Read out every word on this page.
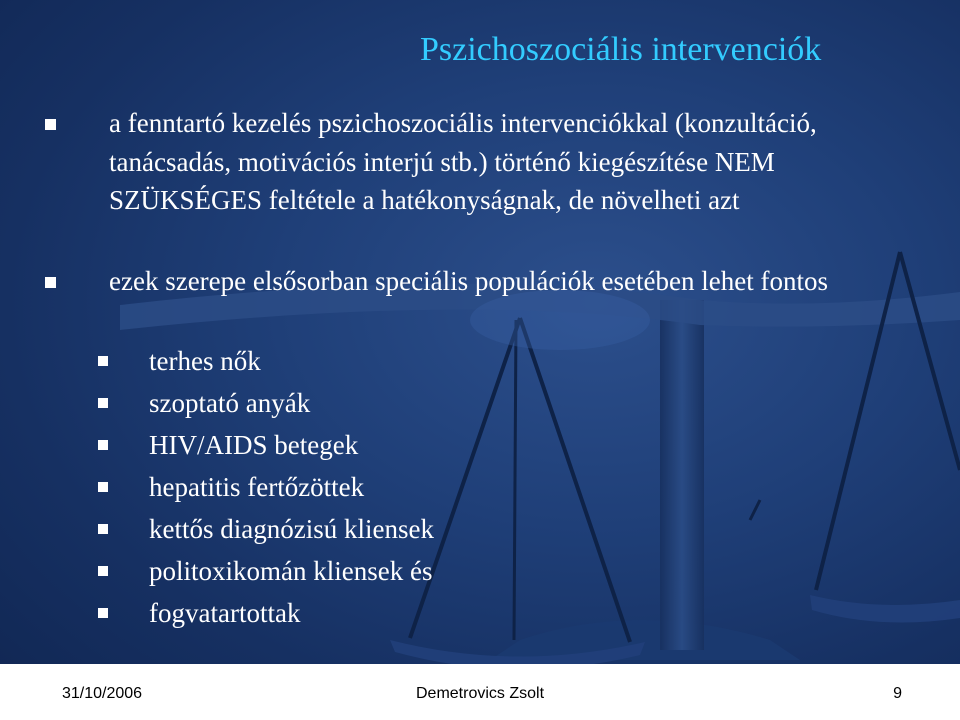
Pszichoszociális intervenciók
a fenntartó kezelés pszichoszociális intervenciókkal (konzultáció, tanácsadás, motivációs interjú stb.) történő kiegészítése NEM SZÜKSÉGES feltétele a hatékonyságnak, de növelheti azt
ezek szerepe elsősorban speciális populációk esetében lehet fontos
terhes nők
szoptató anyák
HIV/AIDS betegek
hepatitis fertőzöttek
kettős diagnózisú kliensek
politoxikomán kliensek és
fogvatartottak
31/10/2006	Demetrovics Zsolt	9
